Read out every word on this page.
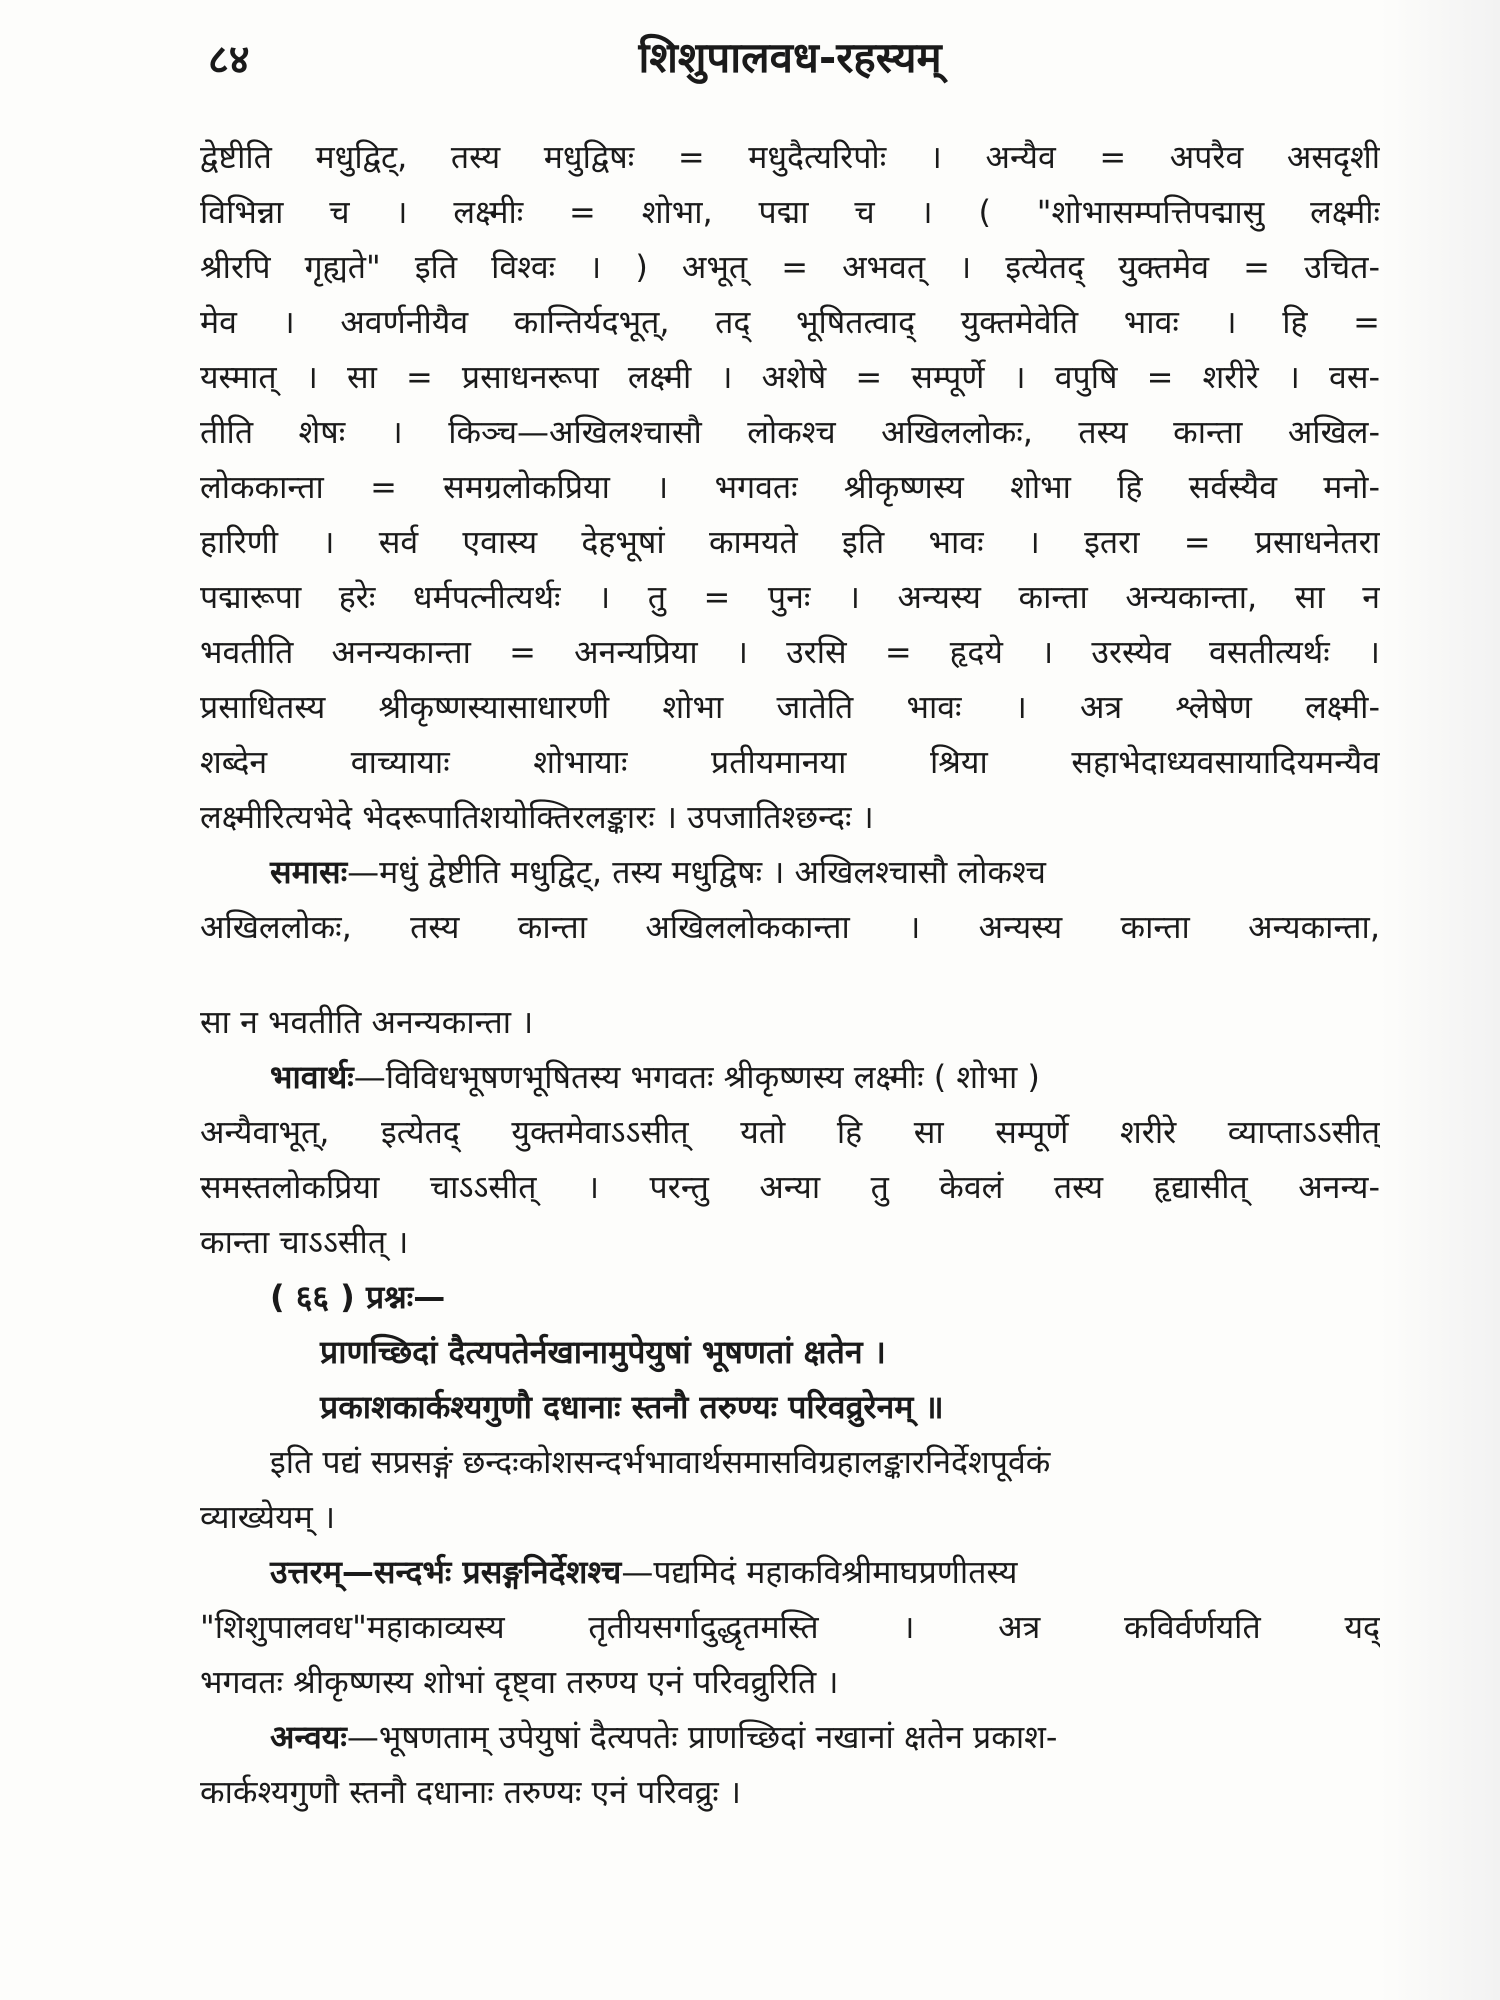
८४	शिशुपालवध-रहस्यम्
द्वेष्टीति मधुद्विट्, तस्य मधुद्विषः = मधुदैत्यरिपोः । अन्यैव = अपरैव असदृशी
विभिन्ना च । लक्ष्मीः = शोभा, पद्मा च । ( "शोभासम्पत्तिपद्मासु लक्ष्मीः
श्रीरपि गृह्यते" इति विश्वः । ) अभूत् = अभवत् । इत्येतद् युक्तमेव = उचित-
मेव । अवर्णनीयैव कान्तिर्यदभूत्, तद् भूषितत्वाद् युक्तमेवेति भावः । हि =
यस्मात् । सा = प्रसाधनरूपा लक्ष्मी । अशेषे = सम्पूर्णे । वपुषि = शरीरे । वस-
तीति शेषः । किञ्च—अखिलश्चासौ लोकश्च अखिललोकः, तस्य कान्ता अखिल-
लोककान्ता = समग्रलोकप्रिया । भगवतः श्रीकृष्णस्य शोभा हि सर्वस्यैव मनो-
हारिणी । सर्व एवास्य देहभूषां कामयते इति भावः । इतरा = प्रसाधनेतरा
पद्मारूपा हरेः धर्मपत्नीत्यर्थः । तु = पुनः । अन्यस्य कान्ता अन्यकान्ता, सा न
भवतीति अनन्यकान्ता = अनन्यप्रिया । उरसि = हृदये । उरस्येव वसतीत्यर्थः ।
प्रसाधितस्य श्रीकृष्णस्यासाधारणी शोभा जातेति भावः । अत्र श्लेषेण लक्ष्मी-
शब्देन वाच्यायाः शोभायाः प्रतीयमानया श्रिया सहाभेदाध्यवसायादियमन्यैव
लक्ष्मीरित्यभेदे भेदरूपातिशयोक्तिरलङ्कारः । उपजातिश्छन्दः ।
समासः—मधुं द्वेष्टीति मधुद्विट्, तस्य मधुद्विषः । अखिलश्चासौ लोकश्च
अखिललोकः, तस्य कान्ता अखिललोककान्ता । अन्यस्य कान्ता अन्यकान्ता,
सा न भवतीति अनन्यकान्ता ।
भावार्थः—विविधभूषणभूषितस्य भगवतः श्रीकृष्णस्य लक्ष्मीः ( शोभा )
अन्यैवाभूत्, इत्येतद् युक्तमेवाऽऽसीत् यतो हि सा सम्पूर्णे शरीरे व्याप्ताऽऽसीत्
समस्तलोकप्रिया चाऽऽसीत् । परन्तु अन्या तु केवलं तस्य हृद्यासीत् अनन्य-
कान्ता चाऽऽसीत् ।
( ६६ ) प्रश्नः—
प्राणच्छिदां दैत्यपतेर्नखानामुपेयुषां भूषणतां क्षतेन ।
प्रकाशकार्कश्यगुणौ दधानाः स्तनौ तरुण्यः परिवव्रुरेनम् ॥
इति पद्यं सप्रसङ्गं छन्दःकोशसन्दर्भभावार्थसमासविग्रहालङ्कारनिर्देशपूर्वकं
व्याख्येयम् ।
उत्तरम्—सन्दर्भः प्रसङ्गनिर्देशश्च—पद्यमिदं महाकविश्रीमाघप्रणीतस्य
"शिशुपालवध"महाकाव्यस्य तृतीयसर्गादुद्धृतमस्ति । अत्र कविर्वर्णयति यद्
भगवतः श्रीकृष्णस्य शोभां दृष्ट्वा तरुण्य एनं परिवव्रुरिति ।
अन्वयः—भूषणताम् उपेयुषां दैत्यपतेः प्राणच्छिदां नखानां क्षतेन प्रकाश-
कार्कश्यगुणौ स्तनौ दधानाः तरुण्यः एनं परिवव्रुः ।
